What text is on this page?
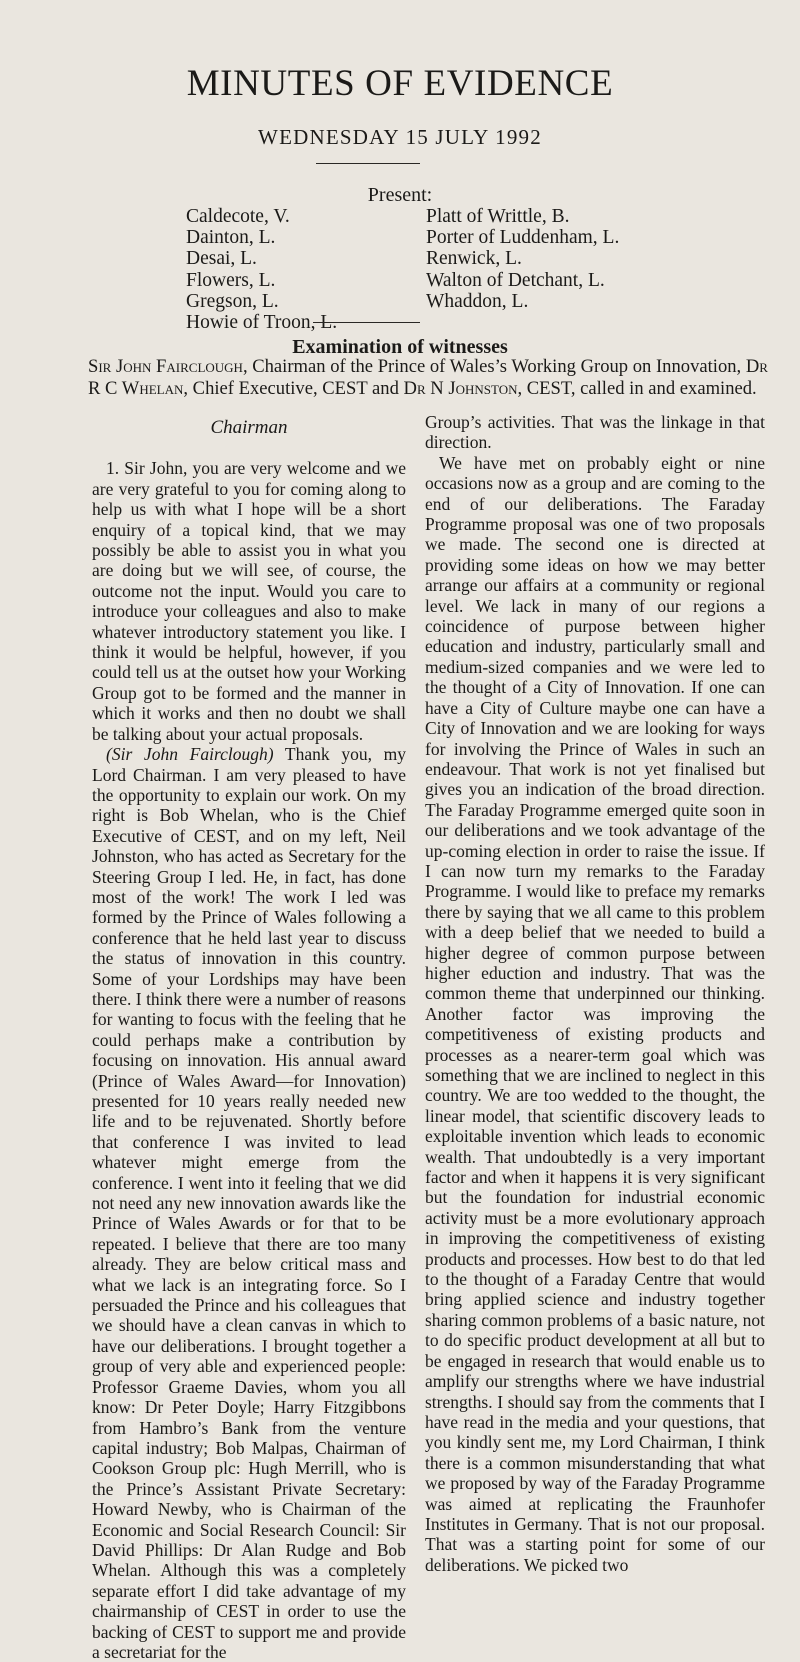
MINUTES OF EVIDENCE
WEDNESDAY 15 JULY 1992
Present:
Caldecote, V.
Dainton, L.
Desai, L.
Flowers, L.
Gregson, L.
Howie of Troon, L.
Platt of Writtle, B.
Porter of Luddenham, L.
Renwick, L.
Walton of Detchant, L.
Whaddon, L.
Examination of witnesses
Sir John Fairclough, Chairman of the Prince of Wales’s Working Group on Innovation, Dr R C Whelan, Chief Executive, CEST and Dr N Johnston, CEST, called in and examined.
Chairman

1. Sir John, you are very welcome and we are very grateful to you for coming along to help us with what I hope will be a short enquiry of a topical kind, that we may possibly be able to assist you in what you are doing but we will see, of course, the outcome not the input. Would you care to introduce your colleagues and also to make whatever introductory statement you like. I think it would be helpful, however, if you could tell us at the outset how your Working Group got to be formed and the manner in which it works and then no doubt we shall be talking about your actual proposals.

(Sir John Fairclough) Thank you, my Lord Chairman. I am very pleased to have the opportunity to explain our work. On my right is Bob Whelan, who is the Chief Executive of CEST, and on my left, Neil Johnston, who has acted as Secretary for the Steering Group I led. He, in fact, has done most of the work! The work I led was formed by the Prince of Wales following a conference that he held last year to discuss the status of innovation in this country. Some of your Lordships may have been there. I think there were a number of reasons for wanting to focus with the feeling that he could perhaps make a contribution by focusing on innovation. His annual award (Prince of Wales Award—for Innovation) presented for 10 years really needed new life and to be rejuvenated. Shortly before that conference I was invited to lead whatever might emerge from the conference. I went into it feeling that we did not need any new innovation awards like the Prince of Wales Awards or for that to be repeated. I believe that there are too many already. They are below critical mass and what we lack is an integrating force. So I persuaded the Prince and his colleagues that we should have a clean canvas in which to have our deliberations. I brought together a group of very able and experienced people: Professor Graeme Davies, whom you all know: Dr Peter Doyle; Harry Fitzgibbons from Hambro’s Bank from the venture capital industry; Bob Malpas, Chairman of Cookson Group plc: Hugh Merrill, who is the Prince’s Assistant Private Secretary: Howard Newby, who is Chairman of the Economic and Social Research Council: Sir David Phillips: Dr Alan Rudge and Bob Whelan. Although this was a completely separate effort I did take advantage of my chairmanship of CEST in order to use the backing of CEST to support me and provide a secretariat for the

Group’s activities. That was the linkage in that direction.

We have met on probably eight or nine occasions now as a group and are coming to the end of our deliberations. The Faraday Programme proposal was one of two proposals we made. The second one is directed at providing some ideas on how we may better arrange our affairs at a community or regional level. We lack in many of our regions a coincidence of purpose between higher education and industry, particularly small and medium-sized companies and we were led to the thought of a City of Innovation. If one can have a City of Culture maybe one can have a City of Innovation and we are looking for ways for involving the Prince of Wales in such an endeavour. That work is not yet finalised but gives you an indication of the broad direction. The Faraday Programme emerged quite soon in our deliberations and we took advantage of the up-coming election in order to raise the issue. If I can now turn my remarks to the Faraday Programme. I would like to preface my remarks there by saying that we all came to this problem with a deep belief that we needed to build a higher degree of common purpose between higher eduction and industry. That was the common theme that underpinned our thinking. Another factor was improving the competitiveness of existing products and processes as a nearer-term goal which was something that we are inclined to neglect in this country. We are too wedded to the thought, the linear model, that scientific discovery leads to exploitable invention which leads to economic wealth. That undoubtedly is a very important factor and when it happens it is very significant but the foundation for industrial economic activity must be a more evolutionary approach in improving the competitiveness of existing products and processes. How best to do that led to the thought of a Faraday Centre that would bring applied science and industry together sharing common problems of a basic nature, not to do specific product development at all but to be engaged in research that would enable us to amplify our strengths where we have industrial strengths. I should say from the comments that I have read in the media and your questions, that you kindly sent me, my Lord Chairman, I think there is a common misunderstanding that what we proposed by way of the Faraday Programme was aimed at replicating the Fraunhofer Institutes in Germany. That is not our proposal. That was a starting point for some of our deliberations. We picked two
